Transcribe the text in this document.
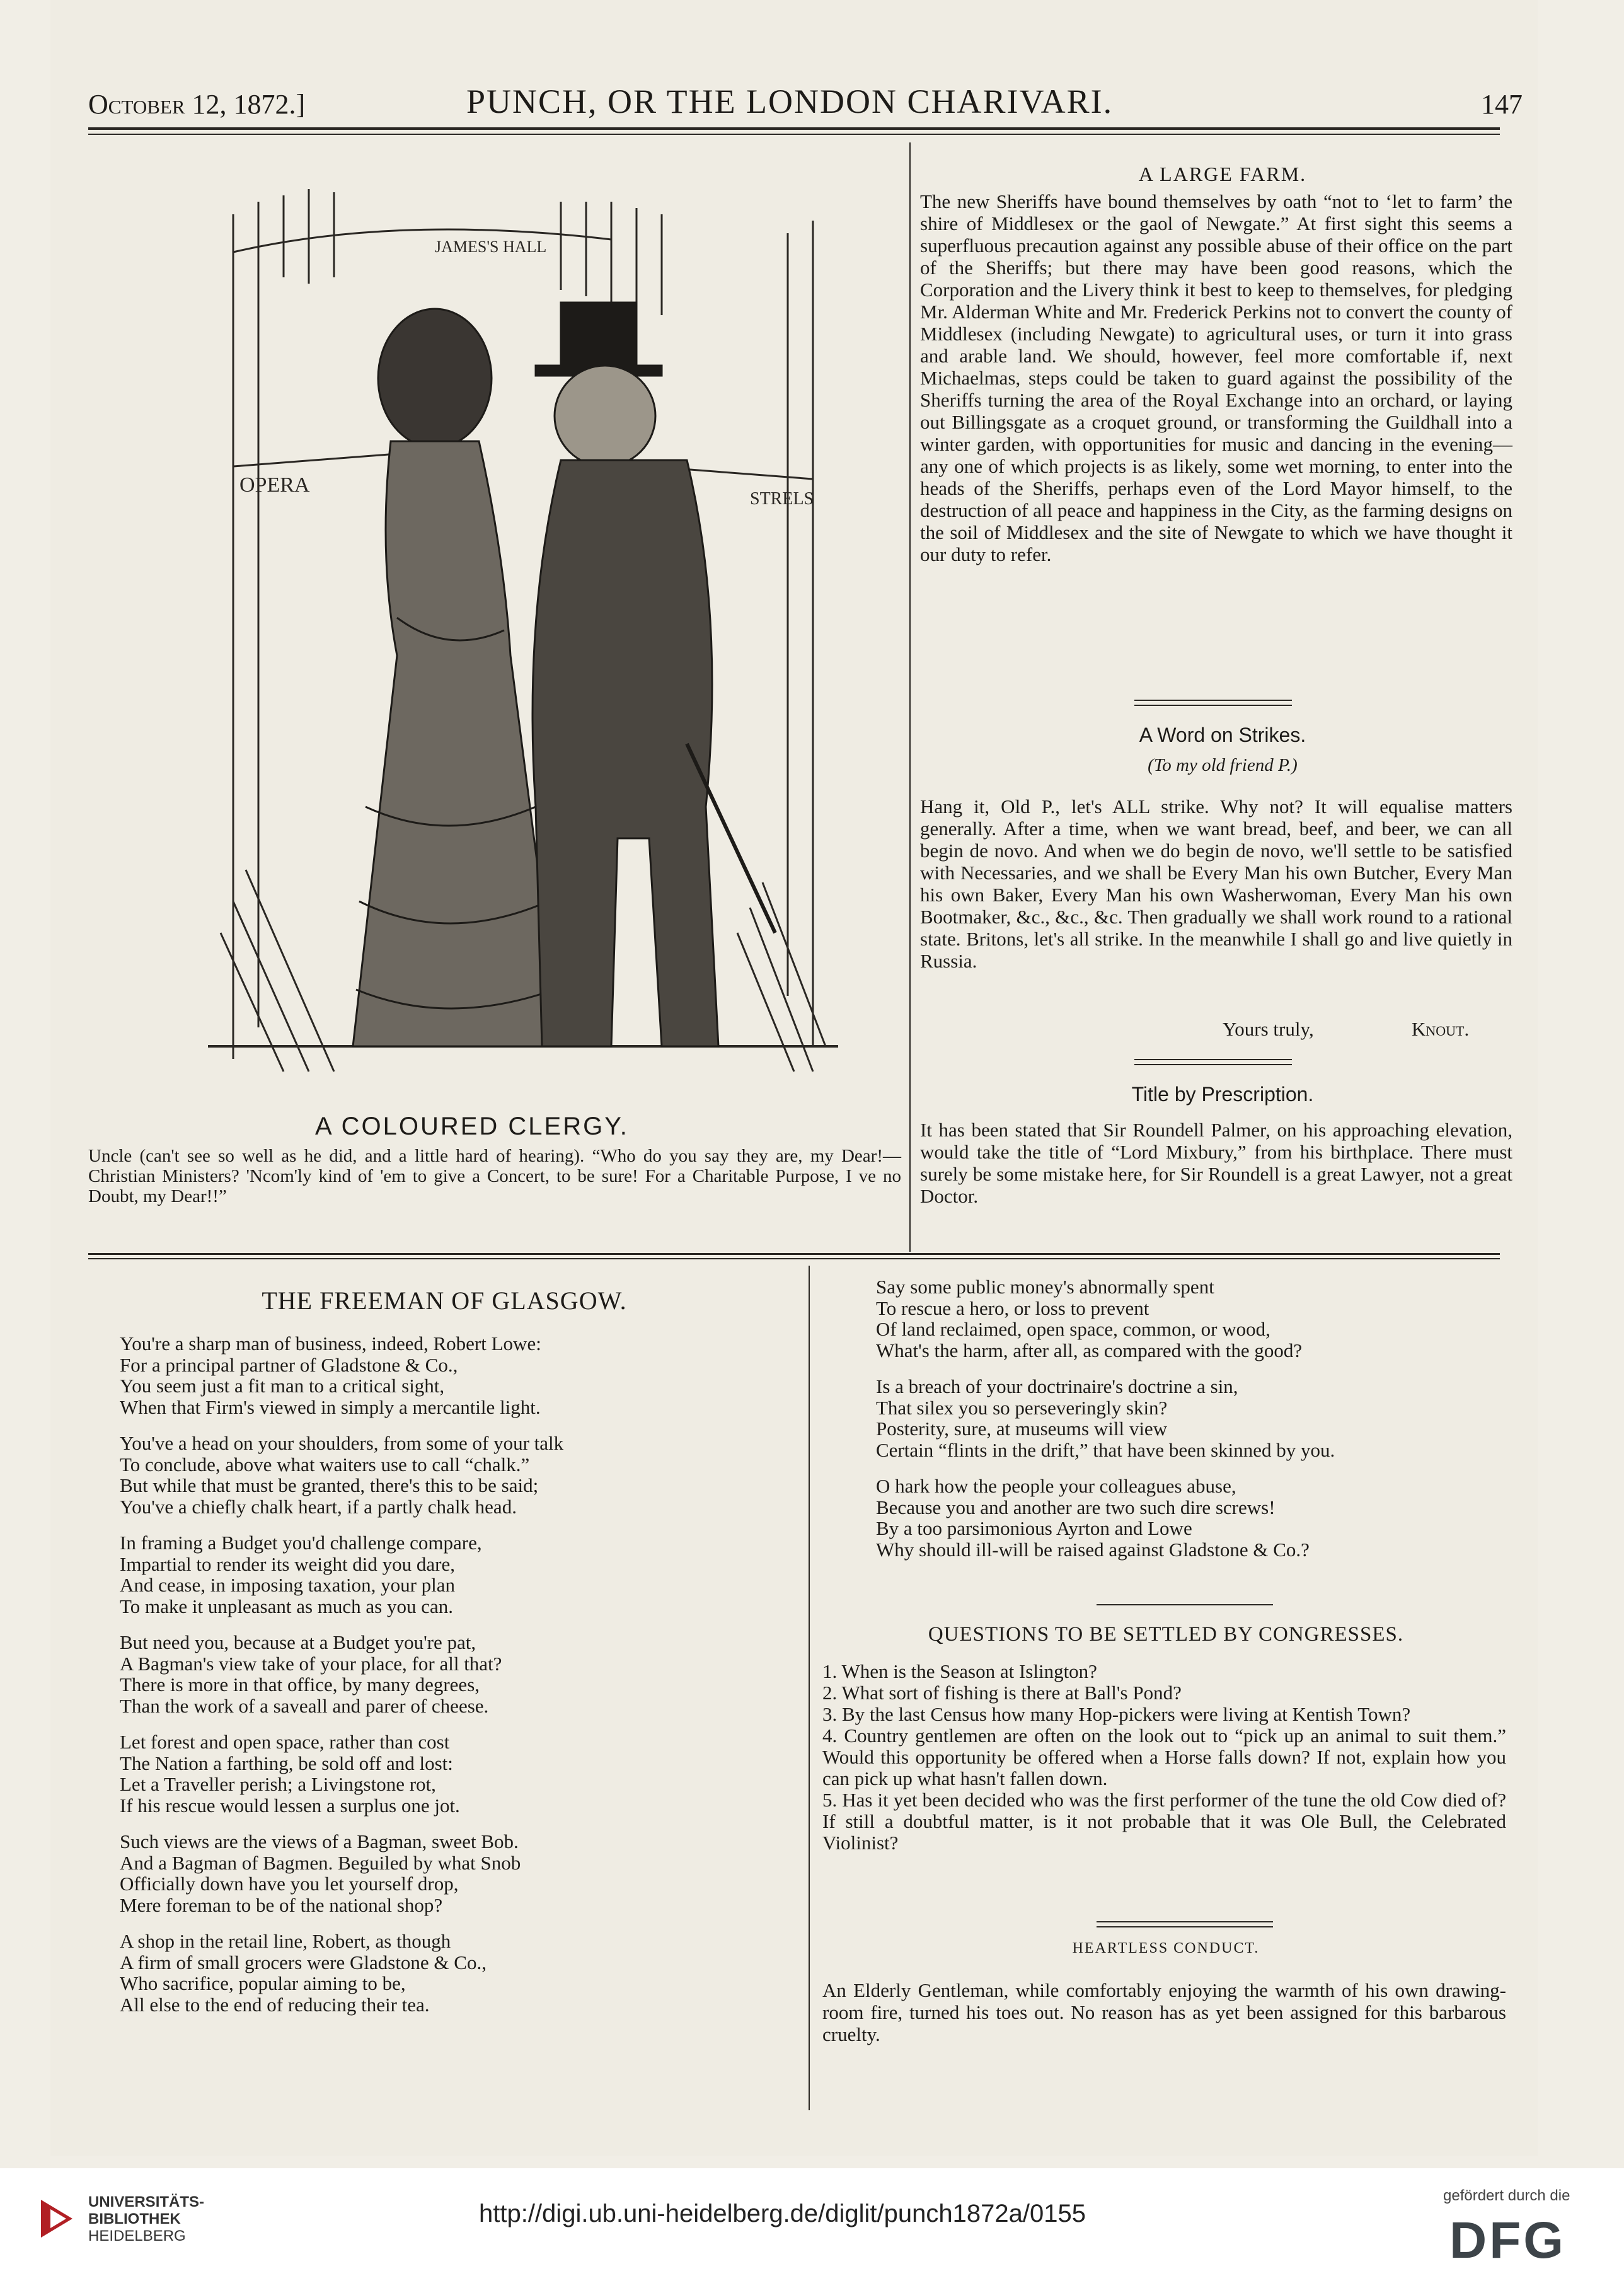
October 12, 1872.]	PUNCH, OR THE LONDON CHARIVARI.	147
OPERA
JAMES'S HALL
STRELS
A COLOURED CLERGY.
Uncle (can't see so well as he did, and a little hard of hearing). “Who do you say they are, my Dear!—Christian Ministers? 'Ncom'ly kind of 'em to give a Concert, to be sure! For a Charitable Purpose, I ve no Doubt, my Dear!!”
A LARGE FARM.
The new Sheriffs have bound themselves by oath “not to ‘let to farm’ the shire of Middlesex or the gaol of Newgate.” At first sight this seems a superfluous precaution against any possible abuse of their office on the part of the Sheriffs; but there may have been good reasons, which the Corporation and the Livery think it best to keep to themselves, for pledging Mr. Alderman White and Mr. Frederick Perkins not to convert the county of Middlesex (including Newgate) to agricultural uses, or turn it into grass and arable land. We should, however, feel more comfortable if, next Michaelmas, steps could be taken to guard against the possibility of the Sheriffs turning the area of the Royal Exchange into an orchard, or laying out Billingsgate as a croquet ground, or transforming the Guildhall into a winter garden, with opportunities for music and dancing in the evening—any one of which projects is as likely, some wet morning, to enter into the heads of the Sheriffs, perhaps even of the Lord Mayor himself, to the destruction of all peace and happiness in the City, as the farming designs on the soil of Middlesex and the site of Newgate to which we have thought it our duty to refer.
A Word on Strikes.
(To my old friend P.)
Hang it, Old P., let's ALL strike. Why not? It will equalise matters generally. After a time, when we want bread, beef, and beer, we can all begin de novo. And when we do begin de novo, we'll settle to be satisfied with Necessaries, and we shall be Every Man his own Butcher, Every Man his own Baker, Every Man his own Washerwoman, Every Man his own Bootmaker, &c., &c., &c. Then gradually we shall work round to a rational state. Britons, let's all strike. In the meanwhile I shall go and live quietly in Russia.
Yours truly,	Knout.
Title by Prescription.
It has been stated that Sir Roundell Palmer, on his approaching elevation, would take the title of “Lord Mixbury,” from his birthplace. There must surely be some mistake here, for Sir Roundell is a great Lawyer, not a great Doctor.
THE FREEMAN OF GLASGOW.

You're a sharp man of business, indeed, Robert Lowe:

For a principal partner of Gladstone & Co.,

You seem just a fit man to a critical sight,

When that Firm's viewed in simply a mercantile light.

You've a head on your shoulders, from some of your talk

To conclude, above what waiters use to call “chalk.”

But while that must be granted, there's this to be said;

You've a chiefly chalk heart, if a partly chalk head.

In framing a Budget you'd challenge compare,

Impartial to render its weight did you dare,

And cease, in imposing taxation, your plan

To make it unpleasant as much as you can.

But need you, because at a Budget you're pat,

A Bagman's view take of your place, for all that?

There is more in that office, by many degrees,

Than the work of a saveall and parer of cheese.

Let forest and open space, rather than cost

The Nation a farthing, be sold off and lost:

Let a Traveller perish; a Livingstone rot,

If his rescue would lessen a surplus one jot.

Such views are the views of a Bagman, sweet Bob.

And a Bagman of Bagmen. Beguiled by what Snob

Officially down have you let yourself drop,

Mere foreman to be of the national shop?

A shop in the retail line, Robert, as though

A firm of small grocers were Gladstone & Co.,

Who sacrifice, popular aiming to be,

All else to the end of reducing their tea.

Say some public money's abnormally spent

To rescue a hero, or loss to prevent

Of land reclaimed, open space, common, or wood,

What's the harm, after all, as compared with the good?

Is a breach of your doctrinaire's doctrine a sin,

That silex you so perseveringly skin?

Posterity, sure, at museums will view

Certain “flints in the drift,” that have been skinned by you.

O hark how the people your colleagues abuse,

Because you and another are two such dire screws!

By a too parsimonious Ayrton and Lowe

Why should ill-will be raised against Gladstone & Co.?

QUESTIONS TO BE SETTLED BY CONGRESSES.

1. When is the Season at Islington?

2. What sort of fishing is there at Ball's Pond?

3. By the last Census how many Hop-pickers were living at Kentish Town?

4. Country gentlemen are often on the look out to “pick up an animal to suit them.” Would this opportunity be offered when a Horse falls down? If not, explain how you can pick up what hasn't fallen down.

5. Has it yet been decided who was the first performer of the tune the old Cow died of? If still a doubtful matter, is it not probable that it was Ole Bull, the Celebrated Violinist?

HEARTLESS CONDUCT.
An Elderly Gentleman, while comfortably enjoying the warmth of his own drawing-room fire, turned his toes out. No reason has as yet been assigned for this barbarous cruelty.
UNIVERSITÄTS-
BIBLIOTHEK
HEIDELBERG
http://digi.ub.uni-heidelberg.de/diglit/punch1872a/0155
gefördert durch die
DFG
